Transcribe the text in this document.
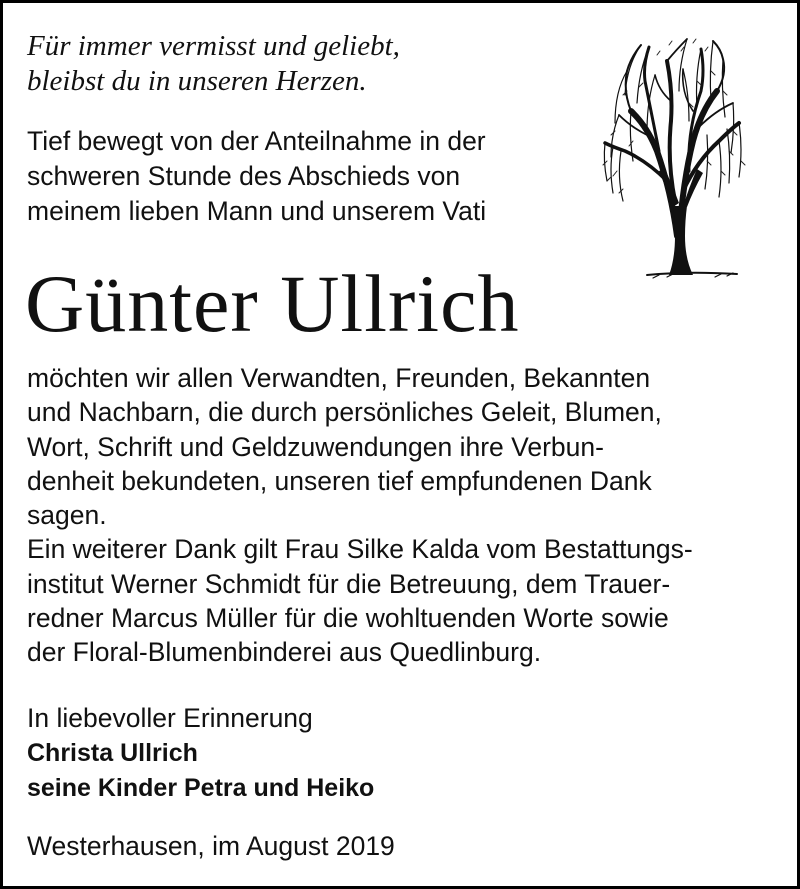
Für immer vermisst und geliebt,
bleibst du in unseren Herzen.

Tief bewegt von der Anteilnahme in der
schweren Stunde des Abschieds von
meinem lieben Mann und unserem Vati

Günter Ullrich

möchten wir allen Verwandten, Freunden, Bekannten
und Nachbarn, die durch persönliches Geleit, Blumen,
Wort, Schrift und Geldzuwendungen ihre Verbun-
denheit bekundeten, unseren tief empfundenen Dank
sagen.
Ein weiterer Dank gilt Frau Silke Kalda vom Bestattungs-
institut Werner Schmidt für die Betreuung, dem Trauer-
redner Marcus Müller für die wohltuenden Worte sowie
der Floral-Blumenbinderei aus Quedlinburg.

In liebevoller Erinnerung
Christa Ullrich
seine Kinder Petra und Heiko

Westerhausen, im August 2019
